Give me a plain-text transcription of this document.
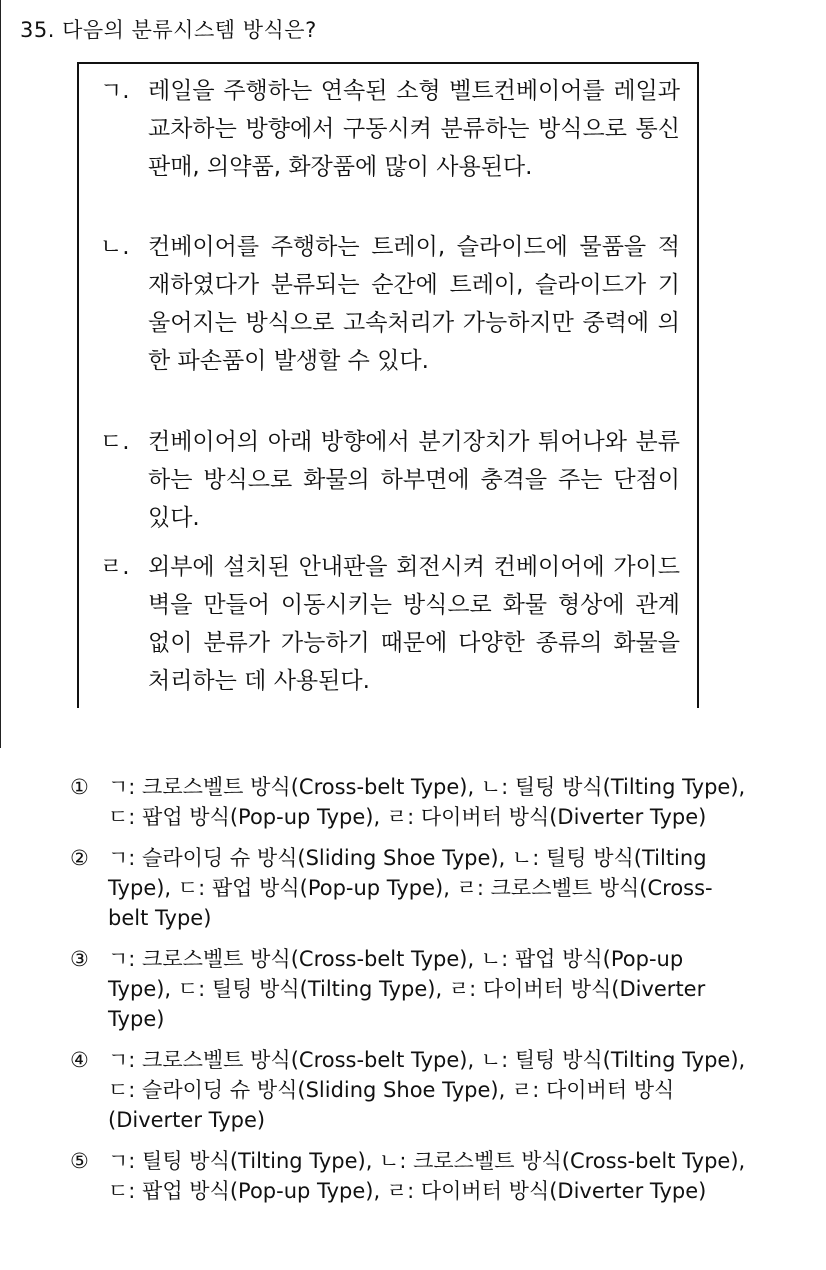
35. 다음의 분류시스템 방식은?
ㄱ. 레일을 주행하는 연속된 소형 벨트컨베이어를 레일과 교차하는 방향에서 구동시켜 분류하는 방식으로 통신 판매, 의약품, 화장품에 많이 사용된다.
ㄴ. 컨베이어를 주행하는 트레이, 슬라이드에 물품을 적재하였다가 분류되는 순간에 트레이, 슬라이드가 기울어지는 방식으로 고속처리가 가능하지만 중력에 의한 파손품이 발생할 수 있다.
ㄷ. 컨베이어의 아래 방향에서 분기장치가 튀어나와 분류하는 방식으로 화물의 하부면에 충격을 주는 단점이 있다.
ㄹ. 외부에 설치된 안내판을 회전시켜 컨베이어에 가이드벽을 만들어 이동시키는 방식으로 화물 형상에 관계없이 분류가 가능하기 때문에 다양한 종류의 화물을 처리하는 데 사용된다.
① ㄱ: 크로스벨트 방식(Cross-belt Type), ㄴ: 틸팅 방식(Tilting Type), ㄷ: 팝업 방식(Pop-up Type), ㄹ: 다이버터 방식(Diverter Type)
② ㄱ: 슬라이딩 슈 방식(Sliding Shoe Type), ㄴ: 틸팅 방식(Tilting Type), ㄷ: 팝업 방식(Pop-up Type), ㄹ: 크로스벨트 방식(Cross-belt Type)
③ ㄱ: 크로스벨트 방식(Cross-belt Type), ㄴ: 팝업 방식(Pop-up Type), ㄷ: 틸팅 방식(Tilting Type), ㄹ: 다이버터 방식(Diverter Type)
④ ㄱ: 크로스벨트 방식(Cross-belt Type), ㄴ: 틸팅 방식(Tilting Type), ㄷ: 슬라이딩 슈 방식(Sliding Shoe Type), ㄹ: 다이버터 방식(Diverter Type)
⑤ ㄱ: 틸팅 방식(Tilting Type), ㄴ: 크로스벨트 방식(Cross-belt Type), ㄷ: 팝업 방식(Pop-up Type), ㄹ: 다이버터 방식(Diverter Type)
